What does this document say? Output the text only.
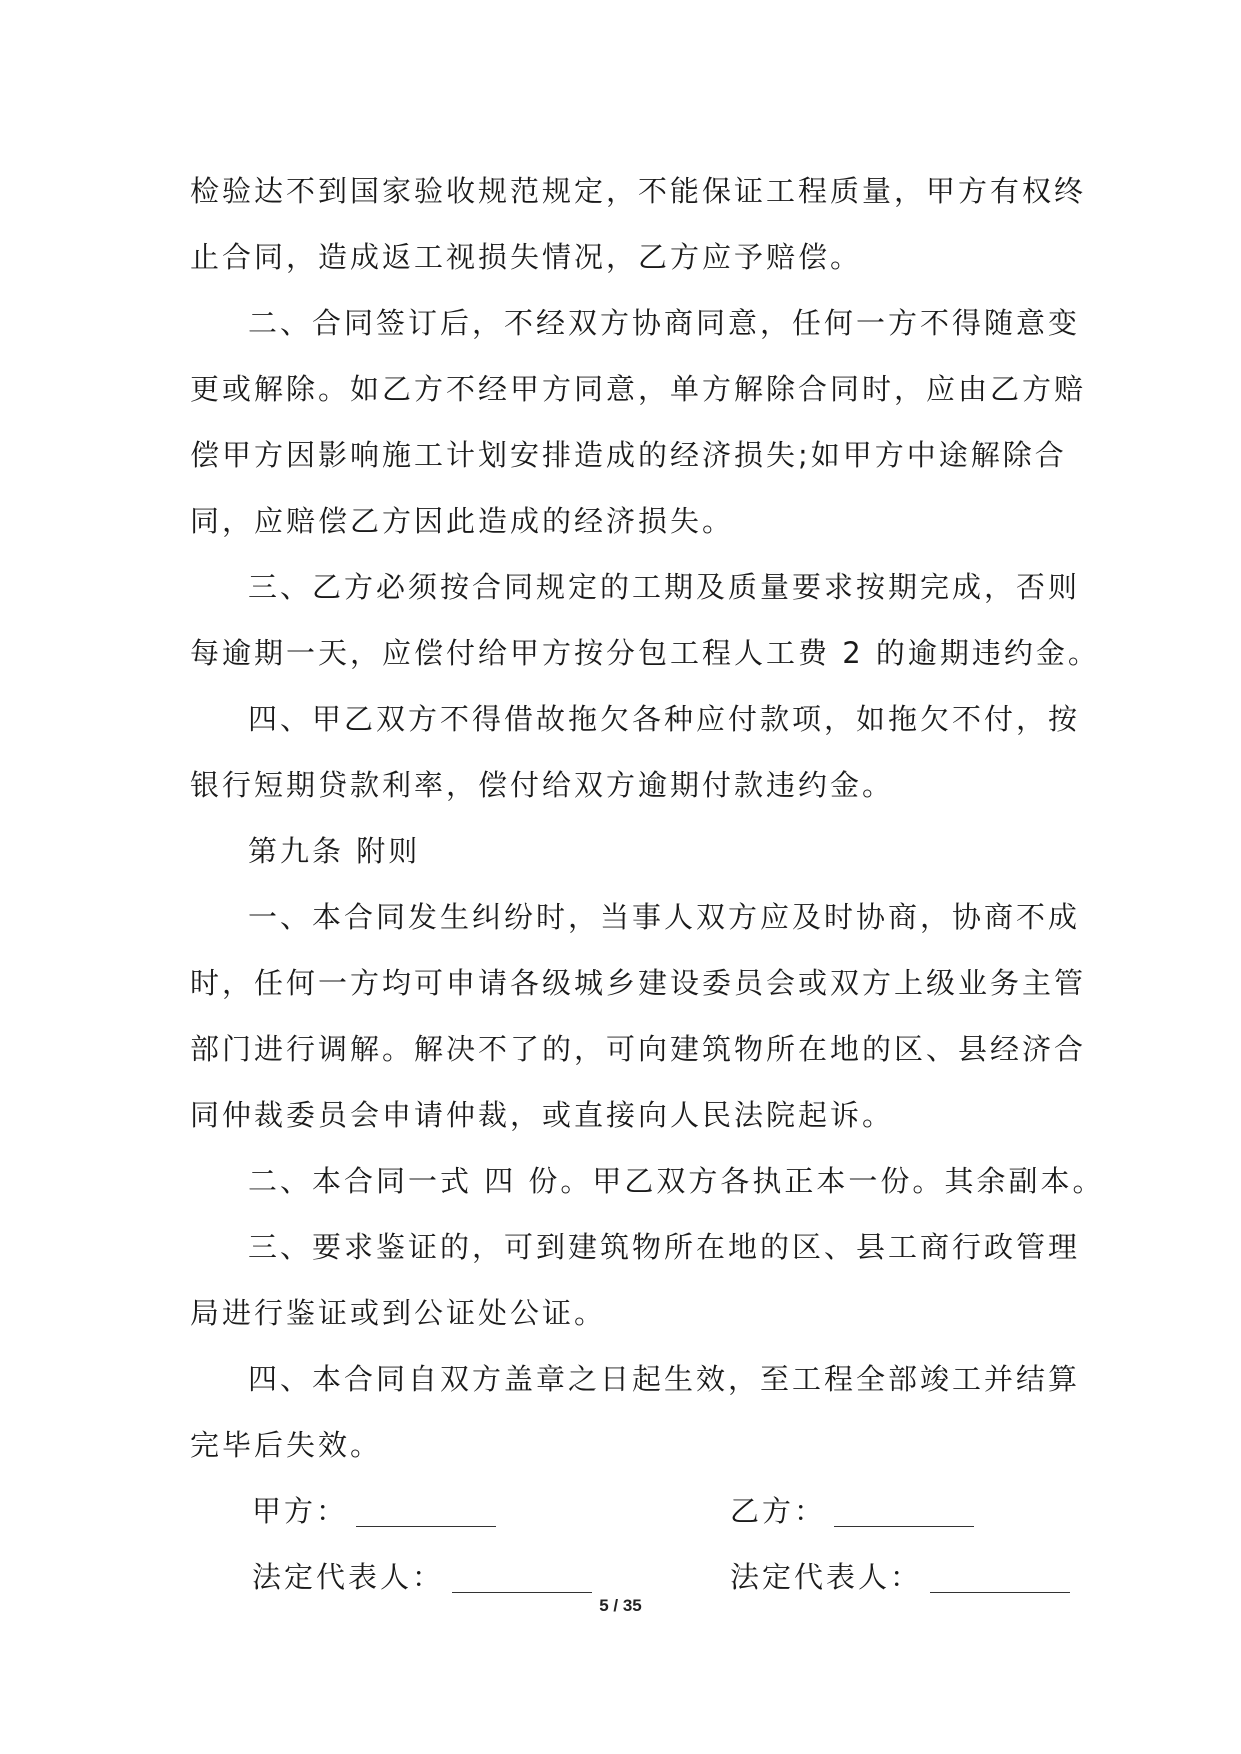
检验达不到国家验收规范规定，不能保证工程质量，甲方有权终
止合同，造成返工视损失情况，乙方应予赔偿。
二、合同签订后，不经双方协商同意，任何一方不得随意变
更或解除。如乙方不经甲方同意，单方解除合同时，应由乙方赔
偿甲方因影响施工计划安排造成的经济损失;如甲方中途解除合
同，应赔偿乙方因此造成的经济损失。
三、乙方必须按合同规定的工期及质量要求按期完成，否则
每逾期一天，应偿付给甲方按分包工程人工费 2 的逾期违约金。
四、甲乙双方不得借故拖欠各种应付款项，如拖欠不付，按
银行短期贷款利率，偿付给双方逾期付款违约金。
第九条 附则
一、本合同发生纠纷时，当事人双方应及时协商，协商不成
时，任何一方均可申请各级城乡建设委员会或双方上级业务主管
部门进行调解。解决不了的，可向建筑物所在地的区、县经济合
同仲裁委员会申请仲裁，或直接向人民法院起诉。
二、本合同一式 四 份。甲乙双方各执正本一份。其余副本。
三、要求鉴证的，可到建筑物所在地的区、县工商行政管理
局进行鉴证或到公证处公证。
四、本合同自双方盖章之日起生效，至工程全部竣工并结算
完毕后失效。
甲方：	乙方：
法定代表人：	法定代表人：
5 / 35
